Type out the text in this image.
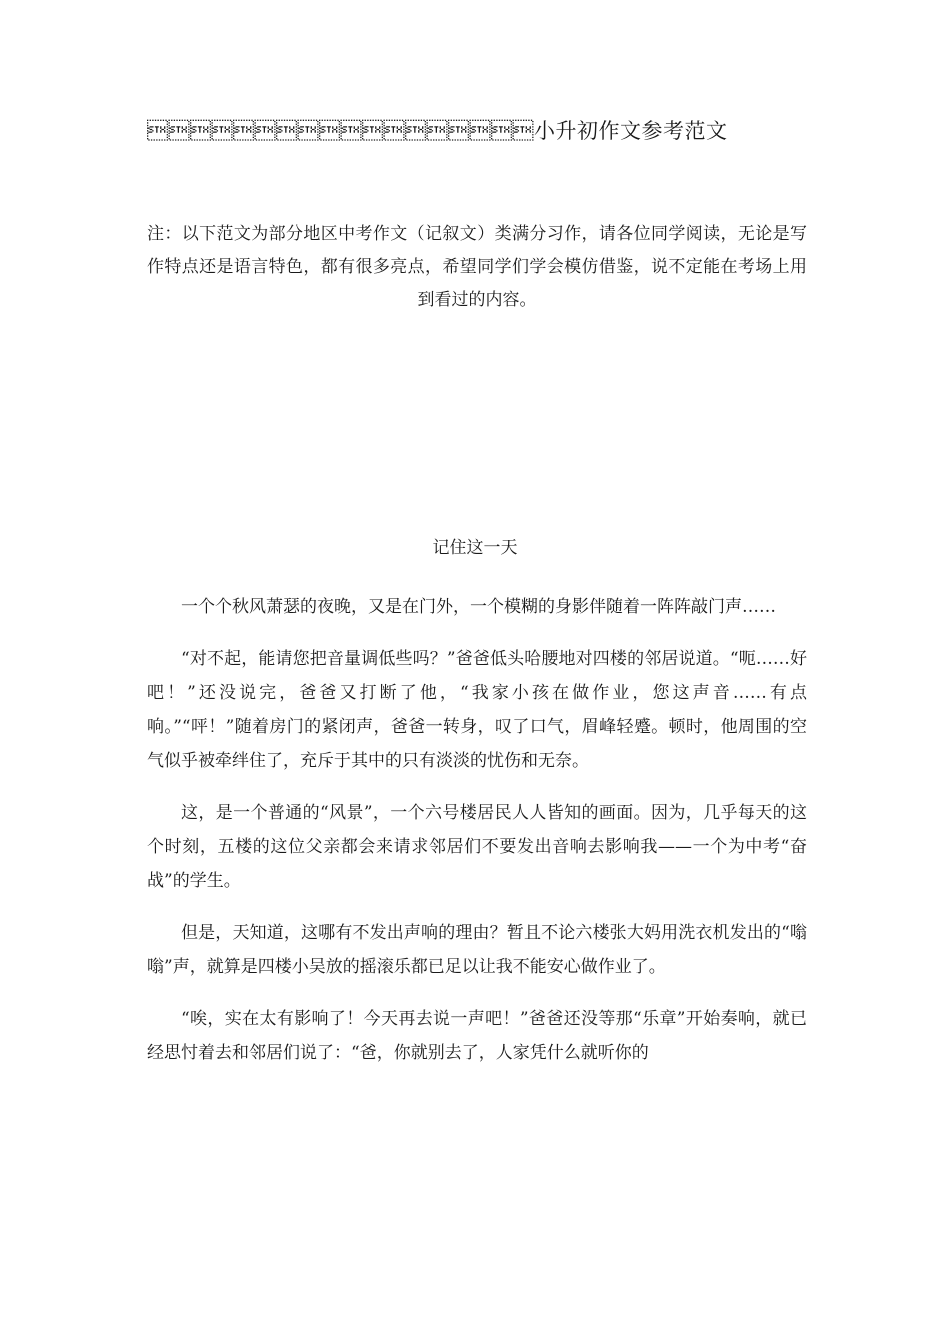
小升初作文参考范文
注：以下范文为部分地区中考作文（记叙文）类满分习作，请各位同学阅读，无论是写作特点还是语言特色，都有很多亮点，希望同学们学会模仿借鉴，说不定能在考场上用到看过的内容。
记住这一天

一个个秋风萧瑟的夜晚，又是在门外，一个模糊的身影伴随着一阵阵敲门声……

“对不起，能请您把音量调低些吗？”爸爸低头哈腰地对四楼的邻居说道。“呃……好吧！”还没说完，爸爸又打断了他，“我家小孩在做作业，您这声音……有点响。”“呯！”随着房门的紧闭声，爸爸一转身，叹了口气，眉峰轻蹙。顿时，他周围的空气似乎被牵绊住了，充斥于其中的只有淡淡的忧伤和无奈。

这，是一个普通的“风景”，一个六号楼居民人人皆知的画面。因为，几乎每天的这个时刻，五楼的这位父亲都会来请求邻居们不要发出音响去影响我——一个为中考“奋战”的学生。

但是，天知道，这哪有不发出声响的理由？暂且不论六楼张大妈用洗衣机发出的“嗡嗡”声，就算是四楼小吴放的摇滚乐都已足以让我不能安心做作业了。

“唉，实在太有影响了！今天再去说一声吧！”爸爸还没等那“乐章”开始奏响，就已经思忖着去和邻居们说了：“爸，你就别去了，人家凭什么就听你的
